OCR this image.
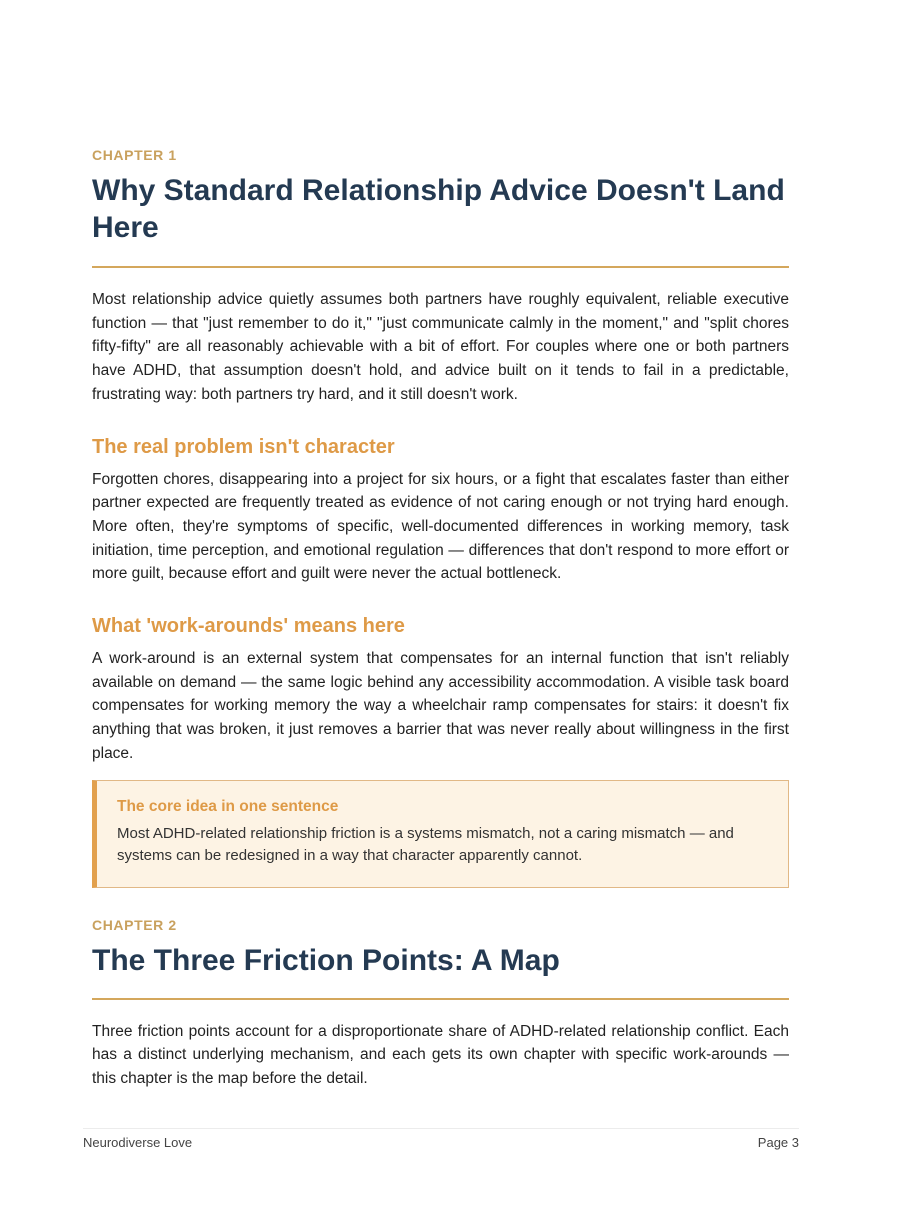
CHAPTER 1

Why Standard Relationship Advice Doesn't Land Here

Most relationship advice quietly assumes both partners have roughly equivalent, reliable executive function — that "just remember to do it," "just communicate calmly in the moment," and "split chores fifty-fifty" are all reasonably achievable with a bit of effort. For couples where one or both partners have ADHD, that assumption doesn't hold, and advice built on it tends to fail in a predictable, frustrating way: both partners try hard, and it still doesn't work.

The real problem isn't character

Forgotten chores, disappearing into a project for six hours, or a fight that escalates faster than either partner expected are frequently treated as evidence of not caring enough or not trying hard enough. More often, they're symptoms of specific, well-documented differences in working memory, task initiation, time perception, and emotional regulation — differences that don't respond to more effort or more guilt, because effort and guilt were never the actual bottleneck.

What 'work-arounds' means here

A work-around is an external system that compensates for an internal function that isn't reliably available on demand — the same logic behind any accessibility accommodation. A visible task board compensates for working memory the way a wheelchair ramp compensates for stairs: it doesn't fix anything that was broken, it just removes a barrier that was never really about willingness in the first place.

The core idea in one sentence

Most ADHD-related relationship friction is a systems mismatch, not a caring mismatch — and systems can be redesigned in a way that character apparently cannot.

CHAPTER 2

The Three Friction Points: A Map

Three friction points account for a disproportionate share of ADHD-related relationship conflict. Each has a distinct underlying mechanism, and each gets its own chapter with specific work-arounds — this chapter is the map before the detail.

Neurodiverse Love	Page 3
